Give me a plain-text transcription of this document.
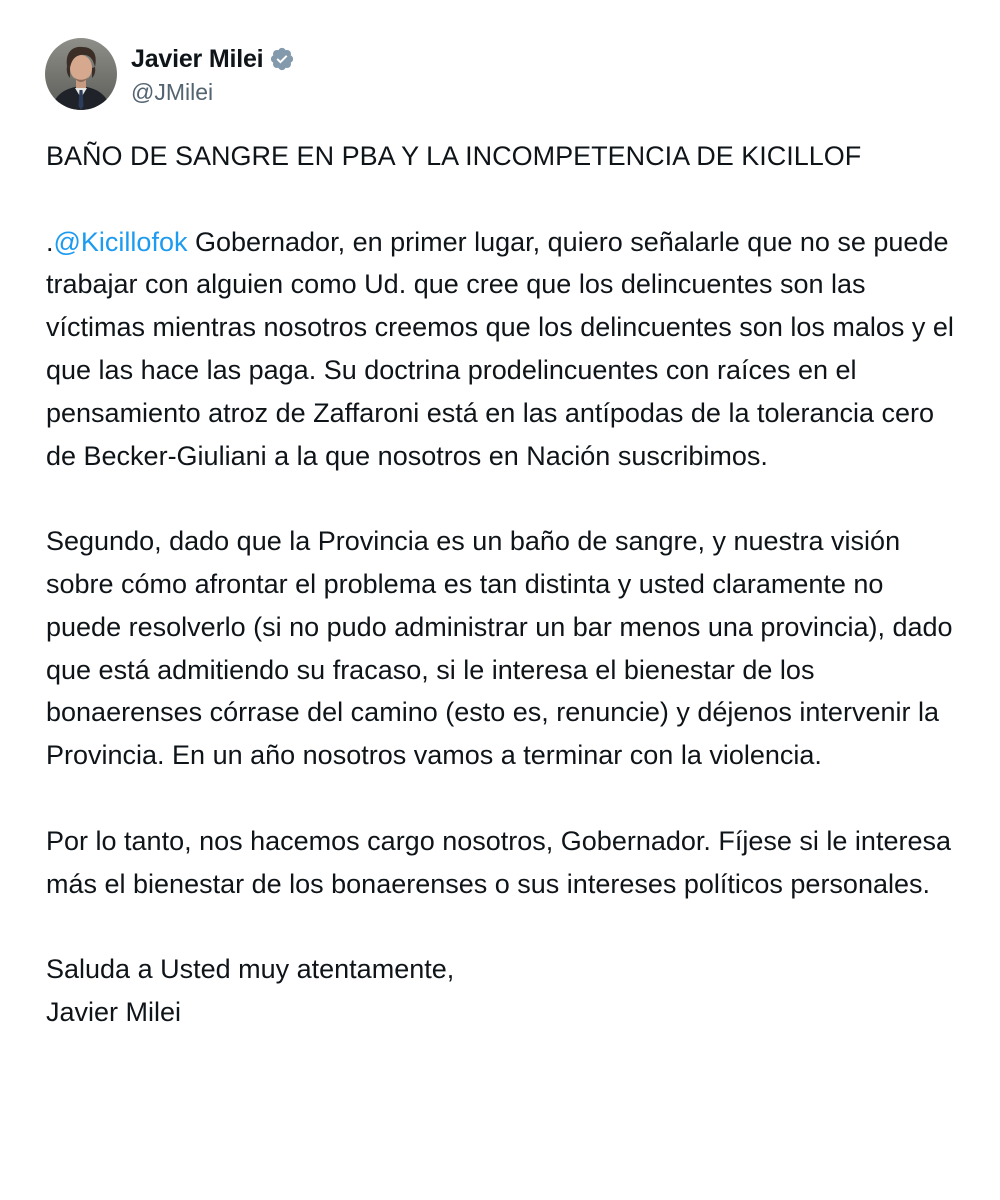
Javier Milei
@JMilei

BAÑO DE SANGRE EN PBA Y LA INCOMPETENCIA DE KICILLOF

.@Kicillofok Gobernador, en primer lugar, quiero señalarle que no se puede trabajar con alguien como Ud. que cree que los delincuentes son las víctimas mientras nosotros creemos que los delincuentes son los malos y el que las hace las paga. Su doctrina prodelincuentes con raíces en el pensamiento atroz de Zaffaroni está en las antípodas de la tolerancia cero de Becker-Giuliani a la que nosotros en Nación suscribimos.

Segundo, dado que la Provincia es un baño de sangre, y nuestra visión sobre cómo afrontar el problema es tan distinta y usted claramente no puede resolverlo (si no pudo administrar un bar menos una provincia), dado que está admitiendo su fracaso, si le interesa el bienestar de los bonaerenses córrase del camino (esto es, renuncie) y déjenos intervenir la Provincia. En un año nosotros vamos a terminar con la violencia.

Por lo tanto, nos hacemos cargo nosotros, Gobernador. Fíjese si le interesa más el bienestar de los bonaerenses o sus intereses políticos personales.

Saluda a Usted muy atentamente,

Javier Milei
